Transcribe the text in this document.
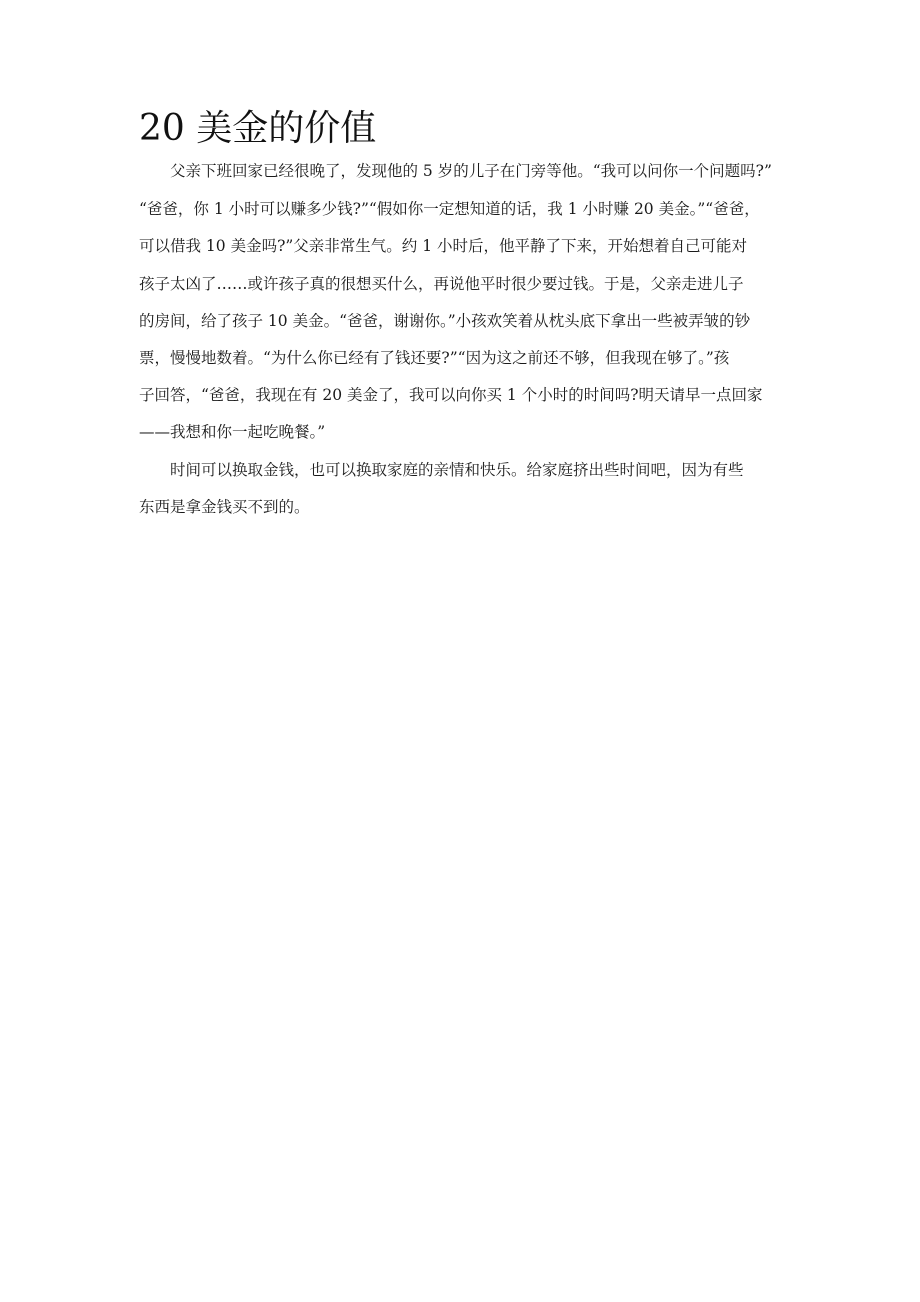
20 美金的价值

父亲下班回家已经很晚了，发现他的 5 岁的儿子在门旁等他。“我可以问你一个问题吗?”

“爸爸，你 1 小时可以赚多少钱?”“假如你一定想知道的话，我 1 小时赚 20 美金。”“爸爸，

可以借我 10 美金吗?”父亲非常生气。约 1 小时后，他平静了下来，开始想着自己可能对

孩子太凶了……或许孩子真的很想买什么，再说他平时很少要过钱。于是，父亲走进儿子

的房间，给了孩子 10 美金。“爸爸，谢谢你。”小孩欢笑着从枕头底下拿出一些被弄皱的钞

票，慢慢地数着。“为什么你已经有了钱还要?”“因为这之前还不够，但我现在够了。”孩

子回答，“爸爸，我现在有 20 美金了，我可以向你买 1 个小时的时间吗?明天请早一点回家

——我想和你一起吃晚餐。”

时间可以换取金钱，也可以换取家庭的亲情和快乐。给家庭挤出些时间吧，因为有些

东西是拿金钱买不到的。
